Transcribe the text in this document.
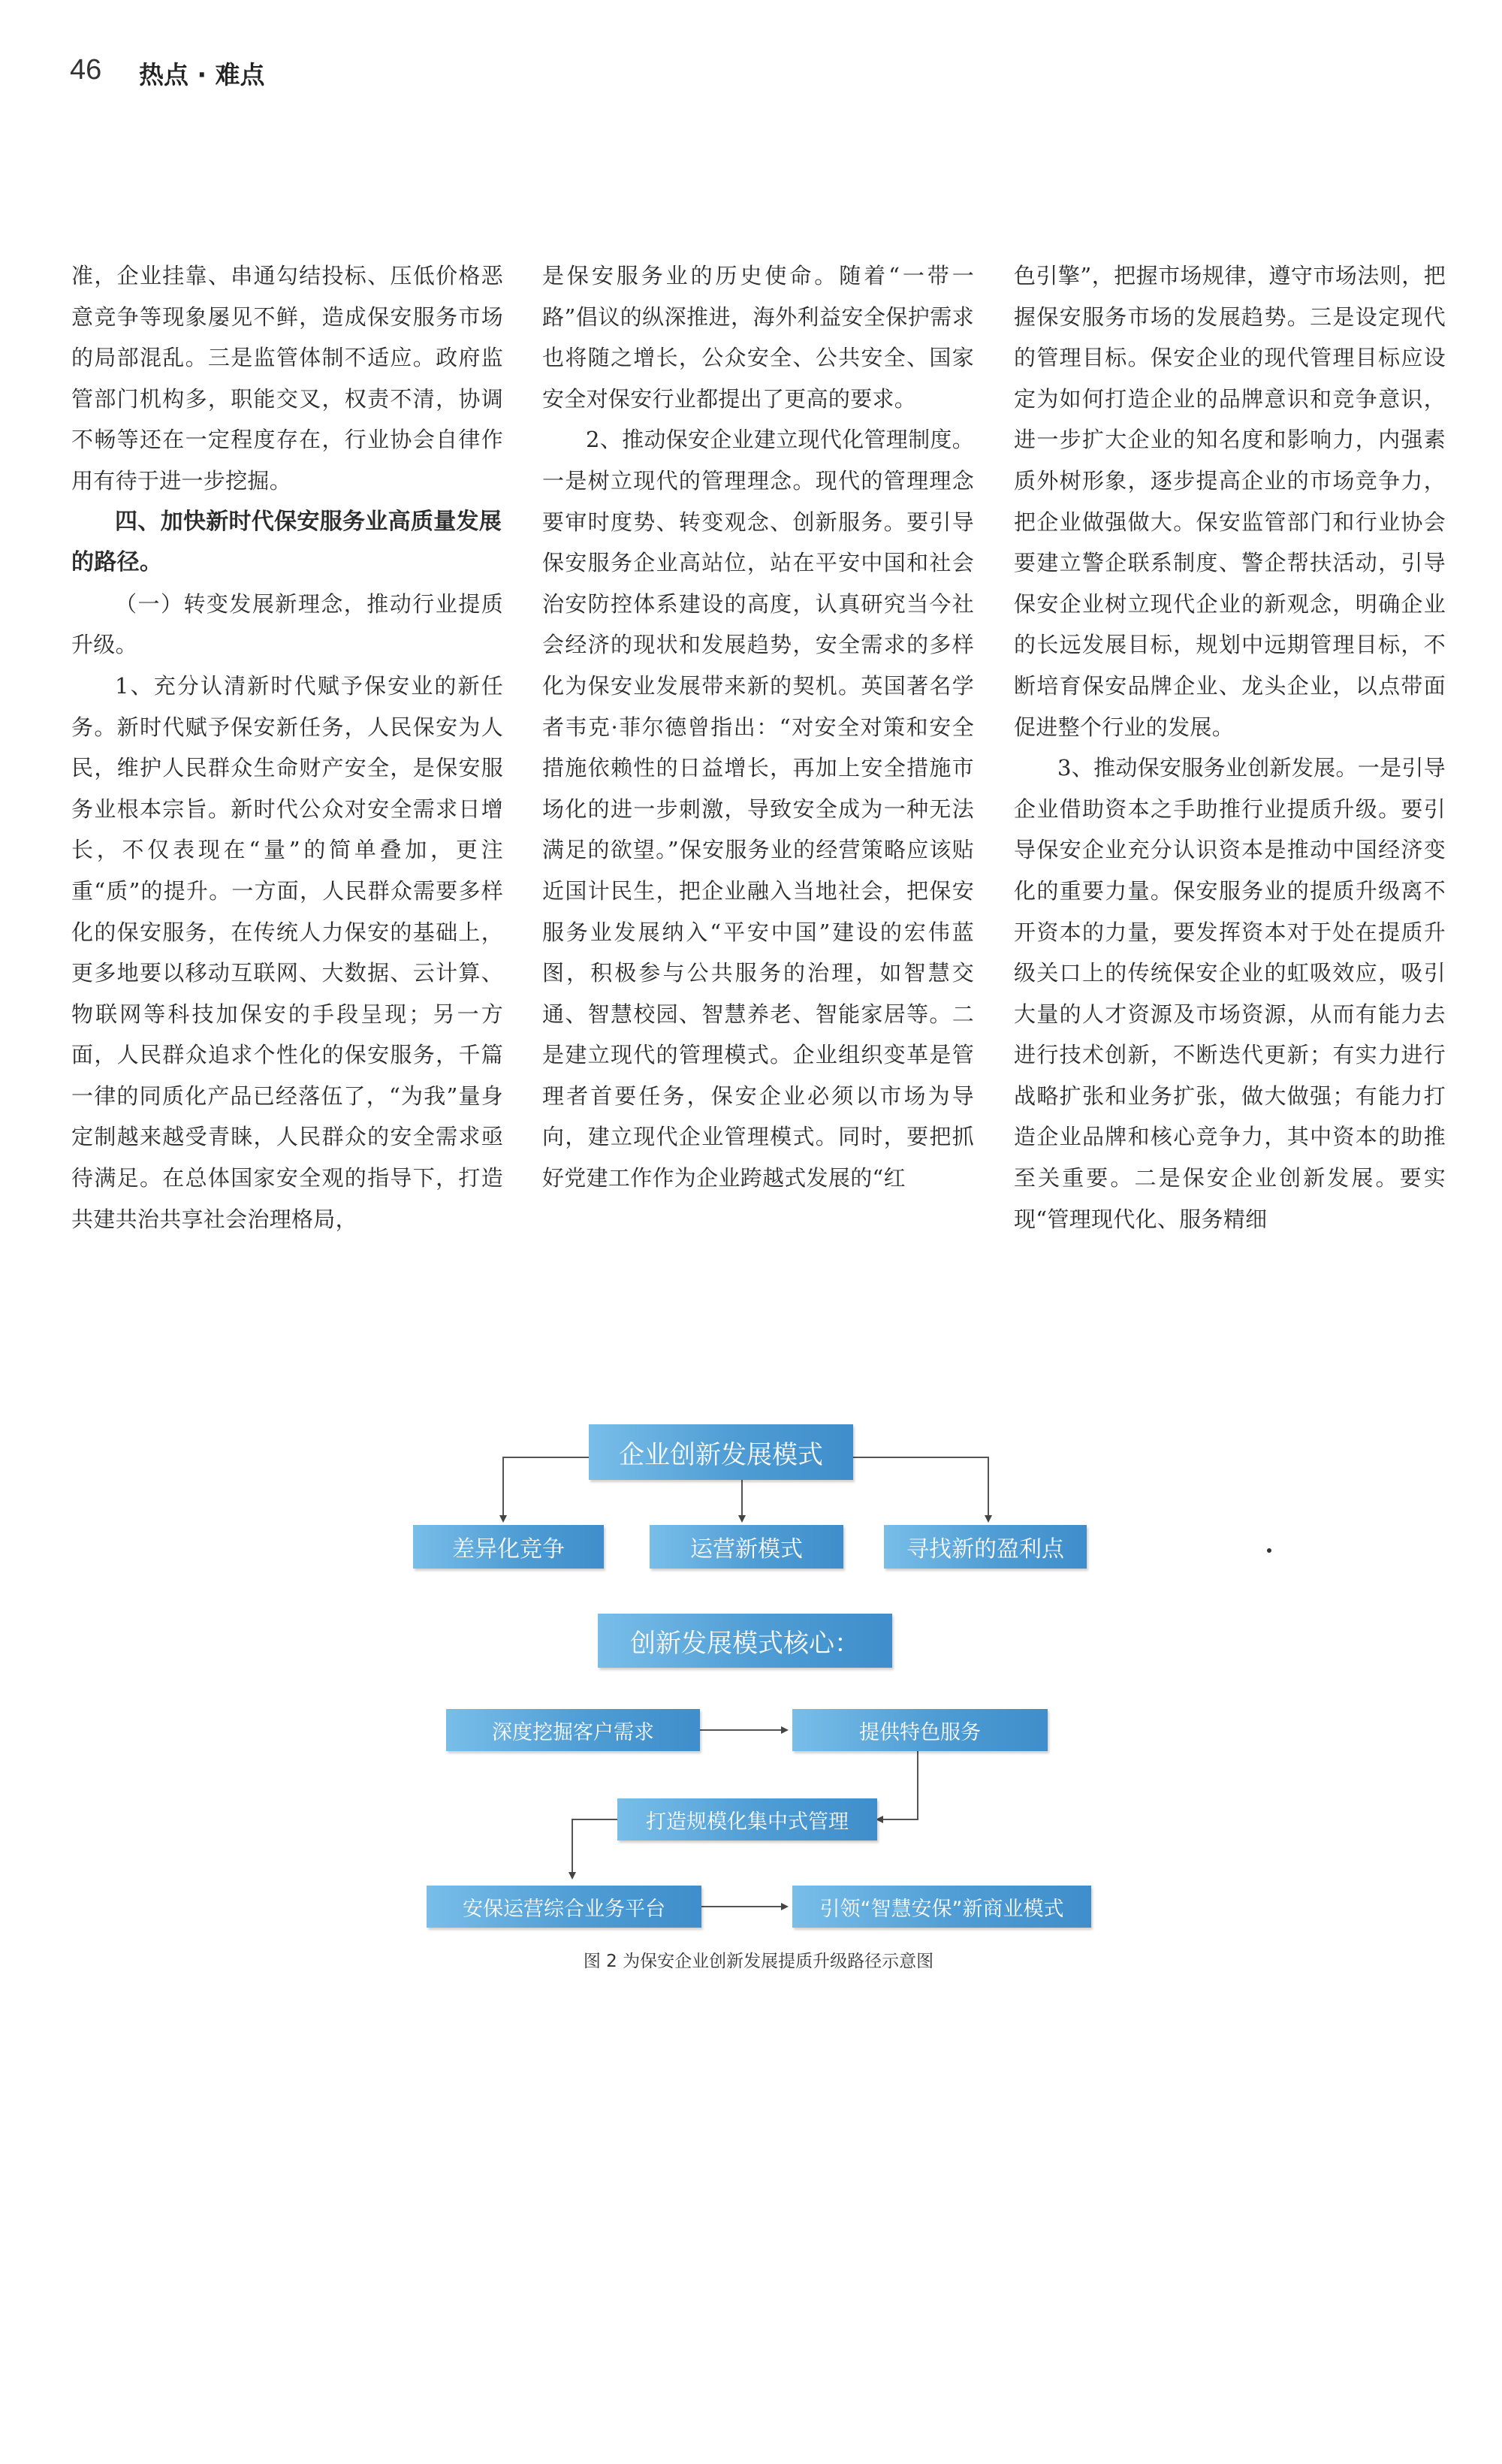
46 热点 · 难点

准，企业挂靠、串通勾结投标、压低价格恶意竞争等现象屡见不鲜，造成保安服务市场的局部混乱。三是监管体制不适应。政府监管部门机构多，职能交叉，权责不清，协调不畅等还在一定程度存在，行业协会自律作用有待于进一步挖掘。

四、加快新时代保安服务业高质量发展的路径。

（一）转变发展新理念，推动行业提质升级。

1、充分认清新时代赋予保安业的新任务。新时代赋予保安新任务，人民保安为人民，维护人民群众生命财产安全，是保安服务业根本宗旨。新时代公众对安全需求日增长，不仅表现在“量”的简单叠加，更注重“质”的提升。一方面，人民群众需要多样化的保安服务，在传统人力保安的基础上，更多地要以移动互联网、大数据、云计算、物联网等科技加保安的手段呈现；另一方面，人民群众追求个性化的保安服务，千篇一律的同质化产品已经落伍了，“为我”量身定制越来越受青睐，人民群众的安全需求亟待满足。在总体国家安全观的指导下，打造共建共治共享社会治理格局，

是保安服务业的历史使命。随着“一带一路”倡议的纵深推进，海外利益安全保护需求也将随之增长，公众安全、公共安全、国家安全对保安行业都提出了更高的要求。

2、推动保安企业建立现代化管理制度。一是树立现代的管理理念。现代的管理理念要审时度势、转变观念、创新服务。要引导保安服务企业高站位，站在平安中国和社会治安防控体系建设的高度，认真研究当今社会经济的现状和发展趋势，安全需求的多样化为保安业发展带来新的契机。英国著名学者韦克·菲尔德曾指出：“对安全对策和安全措施依赖性的日益增长，再加上安全措施市场化的进一步刺激，导致安全成为一种无法满足的欲望。”保安服务业的经营策略应该贴近国计民生，把企业融入当地社会，把保安服务业发展纳入“平安中国”建设的宏伟蓝图，积极参与公共服务的治理，如智慧交通、智慧校园、智慧养老、智能家居等。二是建立现代的管理模式。企业组织变革是管理者首要任务，保安企业必须以市场为导向，建立现代企业管理模式。同时，要把抓好党建工作作为企业跨越式发展的“红

色引擎”，把握市场规律，遵守市场法则，把握保安服务市场的发展趋势。三是设定现代的管理目标。保安企业的现代管理目标应设定为如何打造企业的品牌意识和竞争意识，进一步扩大企业的知名度和影响力，内强素质外树形象，逐步提高企业的市场竞争力，把企业做强做大。保安监管部门和行业协会要建立警企联系制度、警企帮扶活动，引导保安企业树立现代企业的新观念，明确企业的长远发展目标，规划中远期管理目标，不断培育保安品牌企业、龙头企业，以点带面促进整个行业的发展。

3、推动保安服务业创新发展。一是引导企业借助资本之手助推行业提质升级。要引导保安企业充分认识资本是推动中国经济变化的重要力量。保安服务业的提质升级离不开资本的力量，要发挥资本对于处在提质升级关口上的传统保安企业的虹吸效应，吸引大量的人才资源及市场资源，从而有能力去进行技术创新，不断迭代更新；有实力进行战略扩张和业务扩张，做大做强；有能力打造企业品牌和核心竞争力，其中资本的助推至关重要。二是保安企业创新发展。要实现“管理现代化、服务精细

企业创新发展模式
差异化竞争	运营新模式	寻找新的盈利点
创新发展模式核心：
深度挖掘客户需求	提供特色服务
打造规模化集中式管理
安保运营综合业务平台	引领“智慧安保”新商业模式
图 2 为保安企业创新发展提质升级路径示意图
